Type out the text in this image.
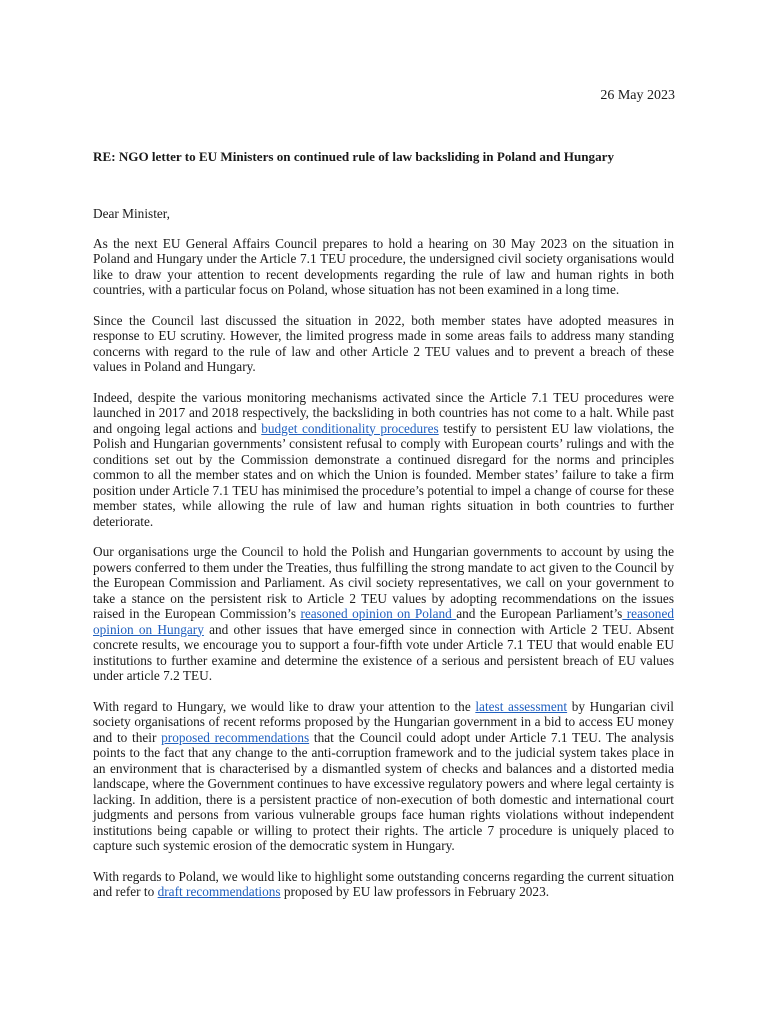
26 May 2023
RE: NGO letter to EU Ministers on continued rule of law backsliding in Poland and Hungary

Dear Minister,

As the next EU General Affairs Council prepares to hold a hearing on 30 May 2023 on the situation in Poland and Hungary under the Article 7.1 TEU procedure, the undersigned civil society organisations would like to draw your attention to recent developments regarding the rule of law and human rights in both countries, with a particular focus on Poland, whose situation has not been examined in a long time.

Since the Council last discussed the situation in 2022, both member states have adopted measures in response to EU scrutiny. However, the limited progress made in some areas fails to address many standing concerns with regard to the rule of law and other Article 2 TEU values and to prevent a breach of these values in Poland and Hungary.

Indeed, despite the various monitoring mechanisms activated since the Article 7.1 TEU procedures were launched in 2017 and 2018 respectively, the backsliding in both countries has not come to a halt. While past and ongoing legal actions and budget conditionality procedures testify to persistent EU law violations, the Polish and Hungarian governments’ consistent refusal to comply with European courts’ rulings and with the conditions set out by the Commission demonstrate a continued disregard for the norms and principles common to all the member states and on which the Union is founded. Member states’ failure to take a firm position under Article 7.1 TEU has minimised the procedure’s potential to impel a change of course for these member states, while allowing the rule of law and human rights situation in both countries to further deteriorate.

Our organisations urge the Council to hold the Polish and Hungarian governments to account by using the powers conferred to them under the Treaties, thus fulfilling the strong mandate to act given to the Council by the European Commission and Parliament. As civil society representatives, we call on your government to take a stance on the persistent risk to Article 2 TEU values by adopting recommendations on the issues raised in the European Commission’s reasoned opinion on Poland and the European Parliament’s reasoned opinion on Hungary and other issues that have emerged since in connection with Article 2 TEU. Absent concrete results, we encourage you to support a four-fifth vote under Article 7.1 TEU that would enable EU institutions to further examine and determine the existence of a serious and persistent breach of EU values under article 7.2 TEU.

With regard to Hungary, we would like to draw your attention to the latest assessment by Hungarian civil society organisations of recent reforms proposed by the Hungarian government in a bid to access EU money and to their proposed recommendations that the Council could adopt under Article 7.1 TEU. The analysis points to the fact that any change to the anti-corruption framework and to the judicial system takes place in an environment that is characterised by a dismantled system of checks and balances and a distorted media landscape, where the Government continues to have excessive regulatory powers and where legal certainty is lacking. In addition, there is a persistent practice of non-execution of both domestic and international court judgments and persons from various vulnerable groups face human rights violations without independent institutions being capable or willing to protect their rights. The article 7 procedure is uniquely placed to capture such systemic erosion of the democratic system in Hungary.

With regards to Poland, we would like to highlight some outstanding concerns regarding the current situation and refer to draft recommendations proposed by EU law professors in February 2023.
